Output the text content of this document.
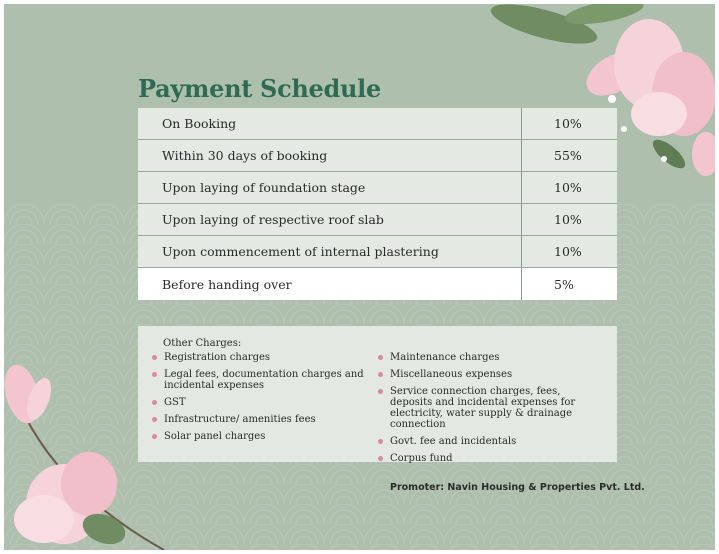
Payment Schedule
On Booking	10%
Within 30 days of booking	55%
Upon laying of foundation stage	10%
Upon laying of respective roof slab	10%
Upon commencement of internal plastering	10%
Before handing over	5%
Other Charges:
Registration charges
Legal fees, documentation charges and incidental expenses
GST
Infrastructure/ amenities fees
Solar panel charges
Maintenance charges
Miscellaneous expenses
Service connection charges, fees, deposits and incidental expenses for electricity, water supply & drainage connection
Govt. fee and incidentals
Corpus fund
Promoter: Navin Housing & Properties Pvt. Ltd.
